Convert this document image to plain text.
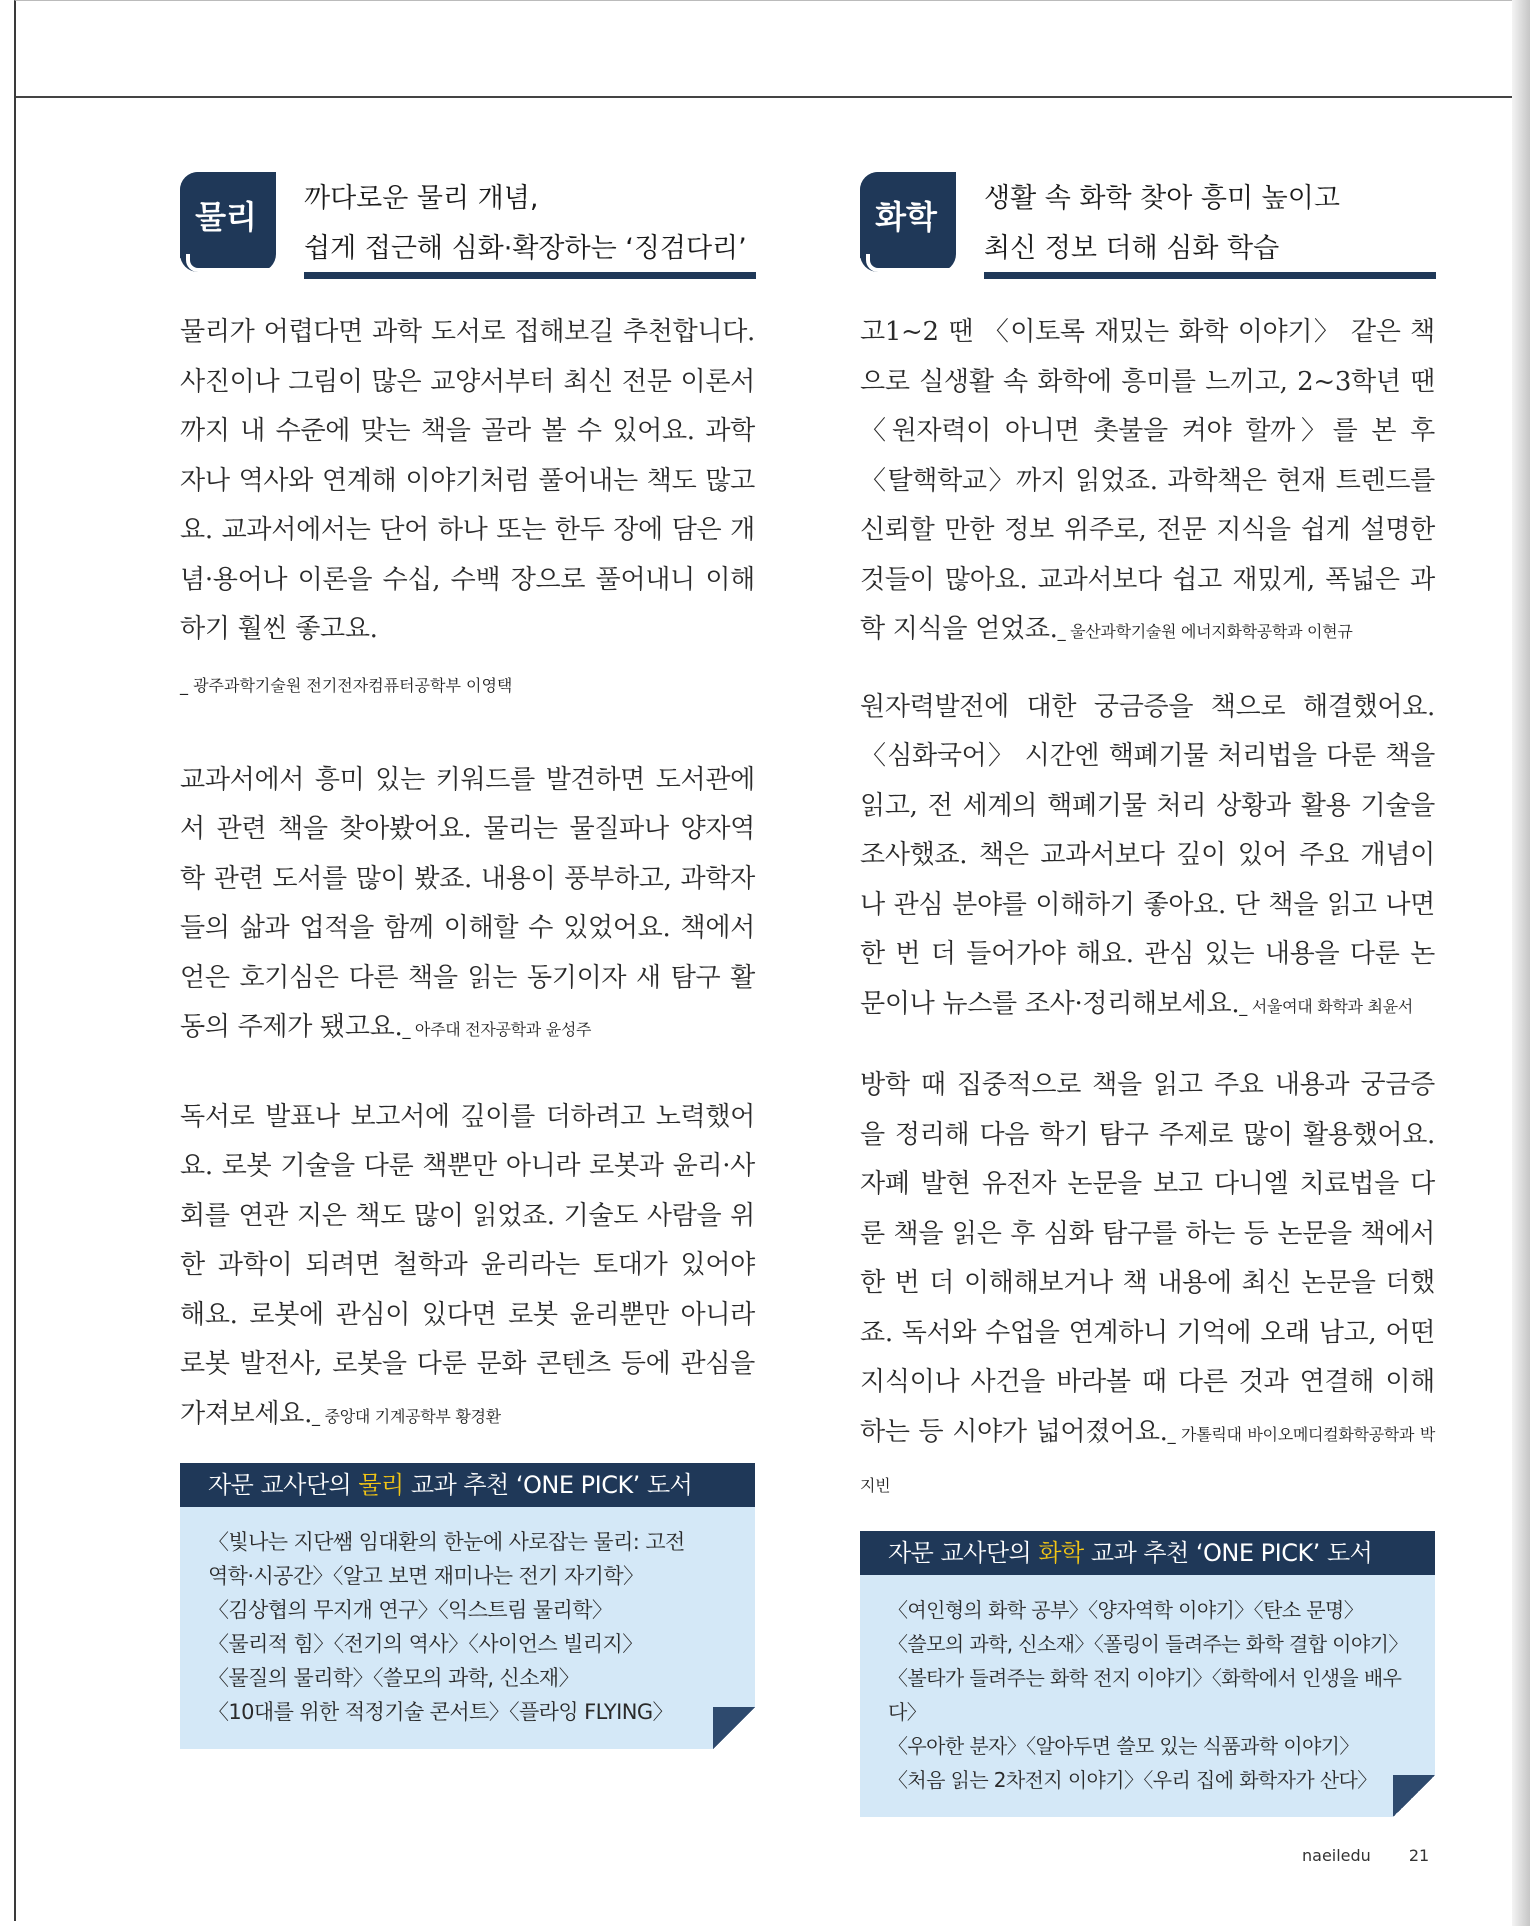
물리	까다로운 물리 개념,
쉽게 접근해 심화·확장하는 ‘징검다리’

물리가 어렵다면 과학 도서로 접해보길 추천합니다. 사진이나 그림이 많은 교양서부터 최신 전문 이론서까지 내 수준에 맞는 책을 골라 볼 수 있어요. 과학자나 역사와 연계해 이야기처럼 풀어내는 책도 많고요. 교과서에서는 단어 하나 또는 한두 장에 담은 개념·용어나 이론을 수십, 수백 장으로 풀어내니 이해하기 훨씬 좋고요.

_ 광주과학기술원 전기전자컴퓨터공학부 이영택

교과서에서 흥미 있는 키워드를 발견하면 도서관에서 관련 책을 찾아봤어요. 물리는 물질파나 양자역학 관련 도서를 많이 봤죠. 내용이 풍부하고, 과학자들의 삶과 업적을 함께 이해할 수 있었어요. 책에서 얻은 호기심은 다른 책을 읽는 동기이자 새 탐구 활동의 주제가 됐고요._ 아주대 전자공학과 윤성주

독서로 발표나 보고서에 깊이를 더하려고 노력했어요. 로봇 기술을 다룬 책뿐만 아니라 로봇과 윤리·사회를 연관 지은 책도 많이 읽었죠. 기술도 사람을 위한 과학이 되려면 철학과 윤리라는 토대가 있어야 해요. 로봇에 관심이 있다면 로봇 윤리뿐만 아니라 로봇 발전사, 로봇을 다룬 문화 콘텐츠 등에 관심을 가져보세요._ 중앙대 기계공학부 황경환

자문 교사단의 물리 교과 추천 ‘ONE PICK’ 도서
〈빛나는 지단쌤 임대환의 한눈에 사로잡는 물리: 고전
역학·시공간〉〈알고 보면 재미나는 전기 자기학〉
〈김상협의 무지개 연구〉〈익스트림 물리학〉
〈물리적 힘〉〈전기의 역사〉〈사이언스 빌리지〉
〈물질의 물리학〉〈쓸모의 과학, 신소재〉
〈10대를 위한 적정기술 콘서트〉〈플라잉 FLYING〉
화학	생활 속 화학 찾아 흥미 높이고
최신 정보 더해 심화 학습

고1~2 땐 〈이토록 재밌는 화학 이야기〉 같은 책으로 실생활 속 화학에 흥미를 느끼고, 2~3학년 땐 〈원자력이 아니면 촛불을 켜야 할까〉를 본 후 〈탈핵학교〉까지 읽었죠. 과학책은 현재 트렌드를 신뢰할 만한 정보 위주로, 전문 지식을 쉽게 설명한 것들이 많아요. 교과서보다 쉽고 재밌게, 폭넓은 과학 지식을 얻었죠._ 울산과학기술원 에너지화학공학과 이현규

원자력발전에 대한 궁금증을 책으로 해결했어요. 〈심화국어〉 시간엔 핵폐기물 처리법을 다룬 책을 읽고, 전 세계의 핵폐기물 처리 상황과 활용 기술을 조사했죠. 책은 교과서보다 깊이 있어 주요 개념이나 관심 분야를 이해하기 좋아요. 단 책을 읽고 나면 한 번 더 들어가야 해요. 관심 있는 내용을 다룬 논문이나 뉴스를 조사·정리해보세요._ 서울여대 화학과 최윤서

방학 때 집중적으로 책을 읽고 주요 내용과 궁금증을 정리해 다음 학기 탐구 주제로 많이 활용했어요. 자폐 발현 유전자 논문을 보고 다니엘 치료법을 다룬 책을 읽은 후 심화 탐구를 하는 등 논문을 책에서 한 번 더 이해해보거나 책 내용에 최신 논문을 더했죠. 독서와 수업을 연계하니 기억에 오래 남고, 어떤 지식이나 사건을 바라볼 때 다른 것과 연결해 이해하는 등 시야가 넓어졌어요._ 가톨릭대 바이오메디컬화학공학과 박지빈

자문 교사단의 화학 교과 추천 ‘ONE PICK’ 도서
〈여인형의 화학 공부〉〈양자역학 이야기〉〈탄소 문명〉
〈쓸모의 과학, 신소재〉〈폴링이 들려주는 화학 결합 이야기〉
〈볼타가 들려주는 화학 전지 이야기〉〈화학에서 인생을 배우다〉
〈우아한 분자〉〈알아두면 쓸모 있는 식품과학 이야기〉
〈처음 읽는 2차전지 이야기〉〈우리 집에 화학자가 산다〉
naeiledu 21
